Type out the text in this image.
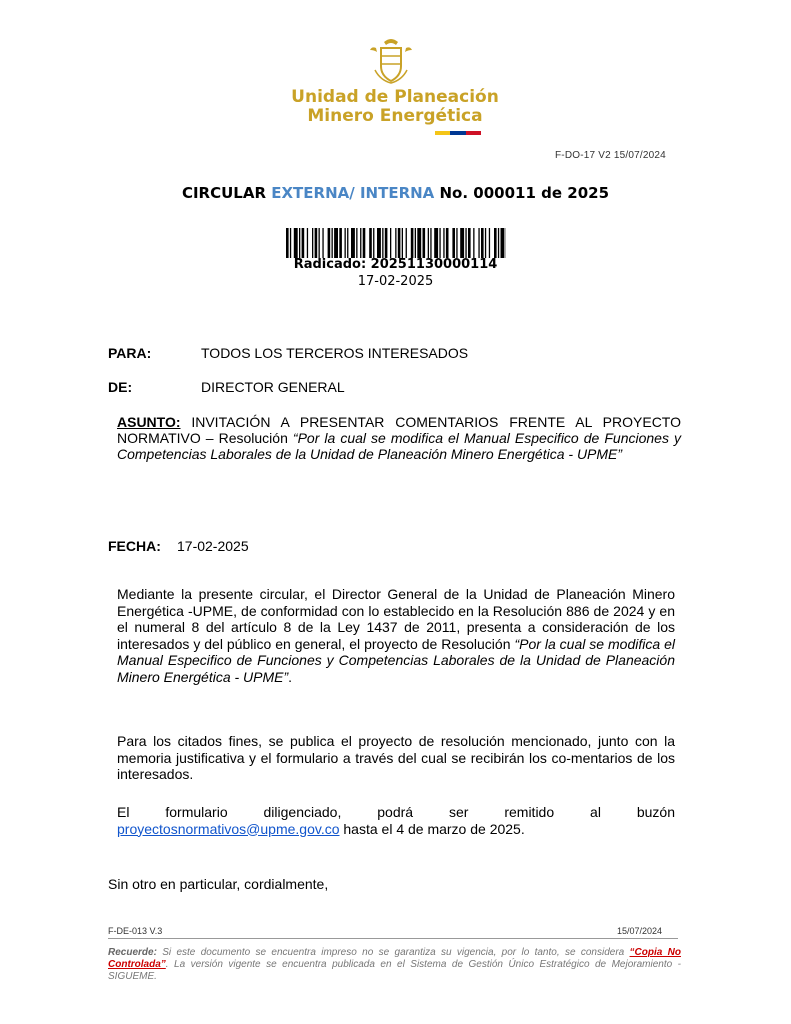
Unidad de Planeación
Minero Energética
F-DO-17 V2 15/07/2024
CIRCULAR EXTERNA/ INTERNA No. 000011 de 2025
Radicado: 20251130000114
17-02-2025
PARA:	TODOS LOS TERCEROS INTERESADOS
DE:	DIRECTOR GENERAL
ASUNTO: INVITACIÓN A PRESENTAR COMENTARIOS FRENTE AL PROYECTO NORMATIVO – Resolución “Por la cual se modifica el Manual Especifico de Funciones y Competencias Laborales de la Unidad de Planeación Minero Energética - UPME”
FECHA: 17-02-2025
Mediante la presente circular, el Director General de la Unidad de Planeación Minero Energética -UPME, de conformidad con lo establecido en la Resolución 886 de 2024 y en el numeral 8 del artículo 8 de la Ley 1437 de 2011, presenta a consideración de los interesados y del público en general, el proyecto de Resolución “Por la cual se modifica el Manual Especifico de Funciones y Competencias Laborales de la Unidad de Planeación Minero Energética - UPME”.
Para los citados fines, se publica el proyecto de resolución mencionado, junto con la memoria justificativa y el formulario a través del cual se recibirán los co-mentarios de los interesados.
El formulario diligenciado, podrá ser remitido al buzón proyectosnormativos@upme.gov.co hasta el 4 de marzo de 2025.
Sin otro en particular, cordialmente,
F-DE-013 V.3	15/07/2024
Recuerde: Si este documento se encuentra impreso no se garantiza su vigencia, por lo tanto, se considera “Copia No Controlada”. La versión vigente se encuentra publicada en el Sistema de Gestión Único Estratégico de Mejoramiento - SIGUEME.
